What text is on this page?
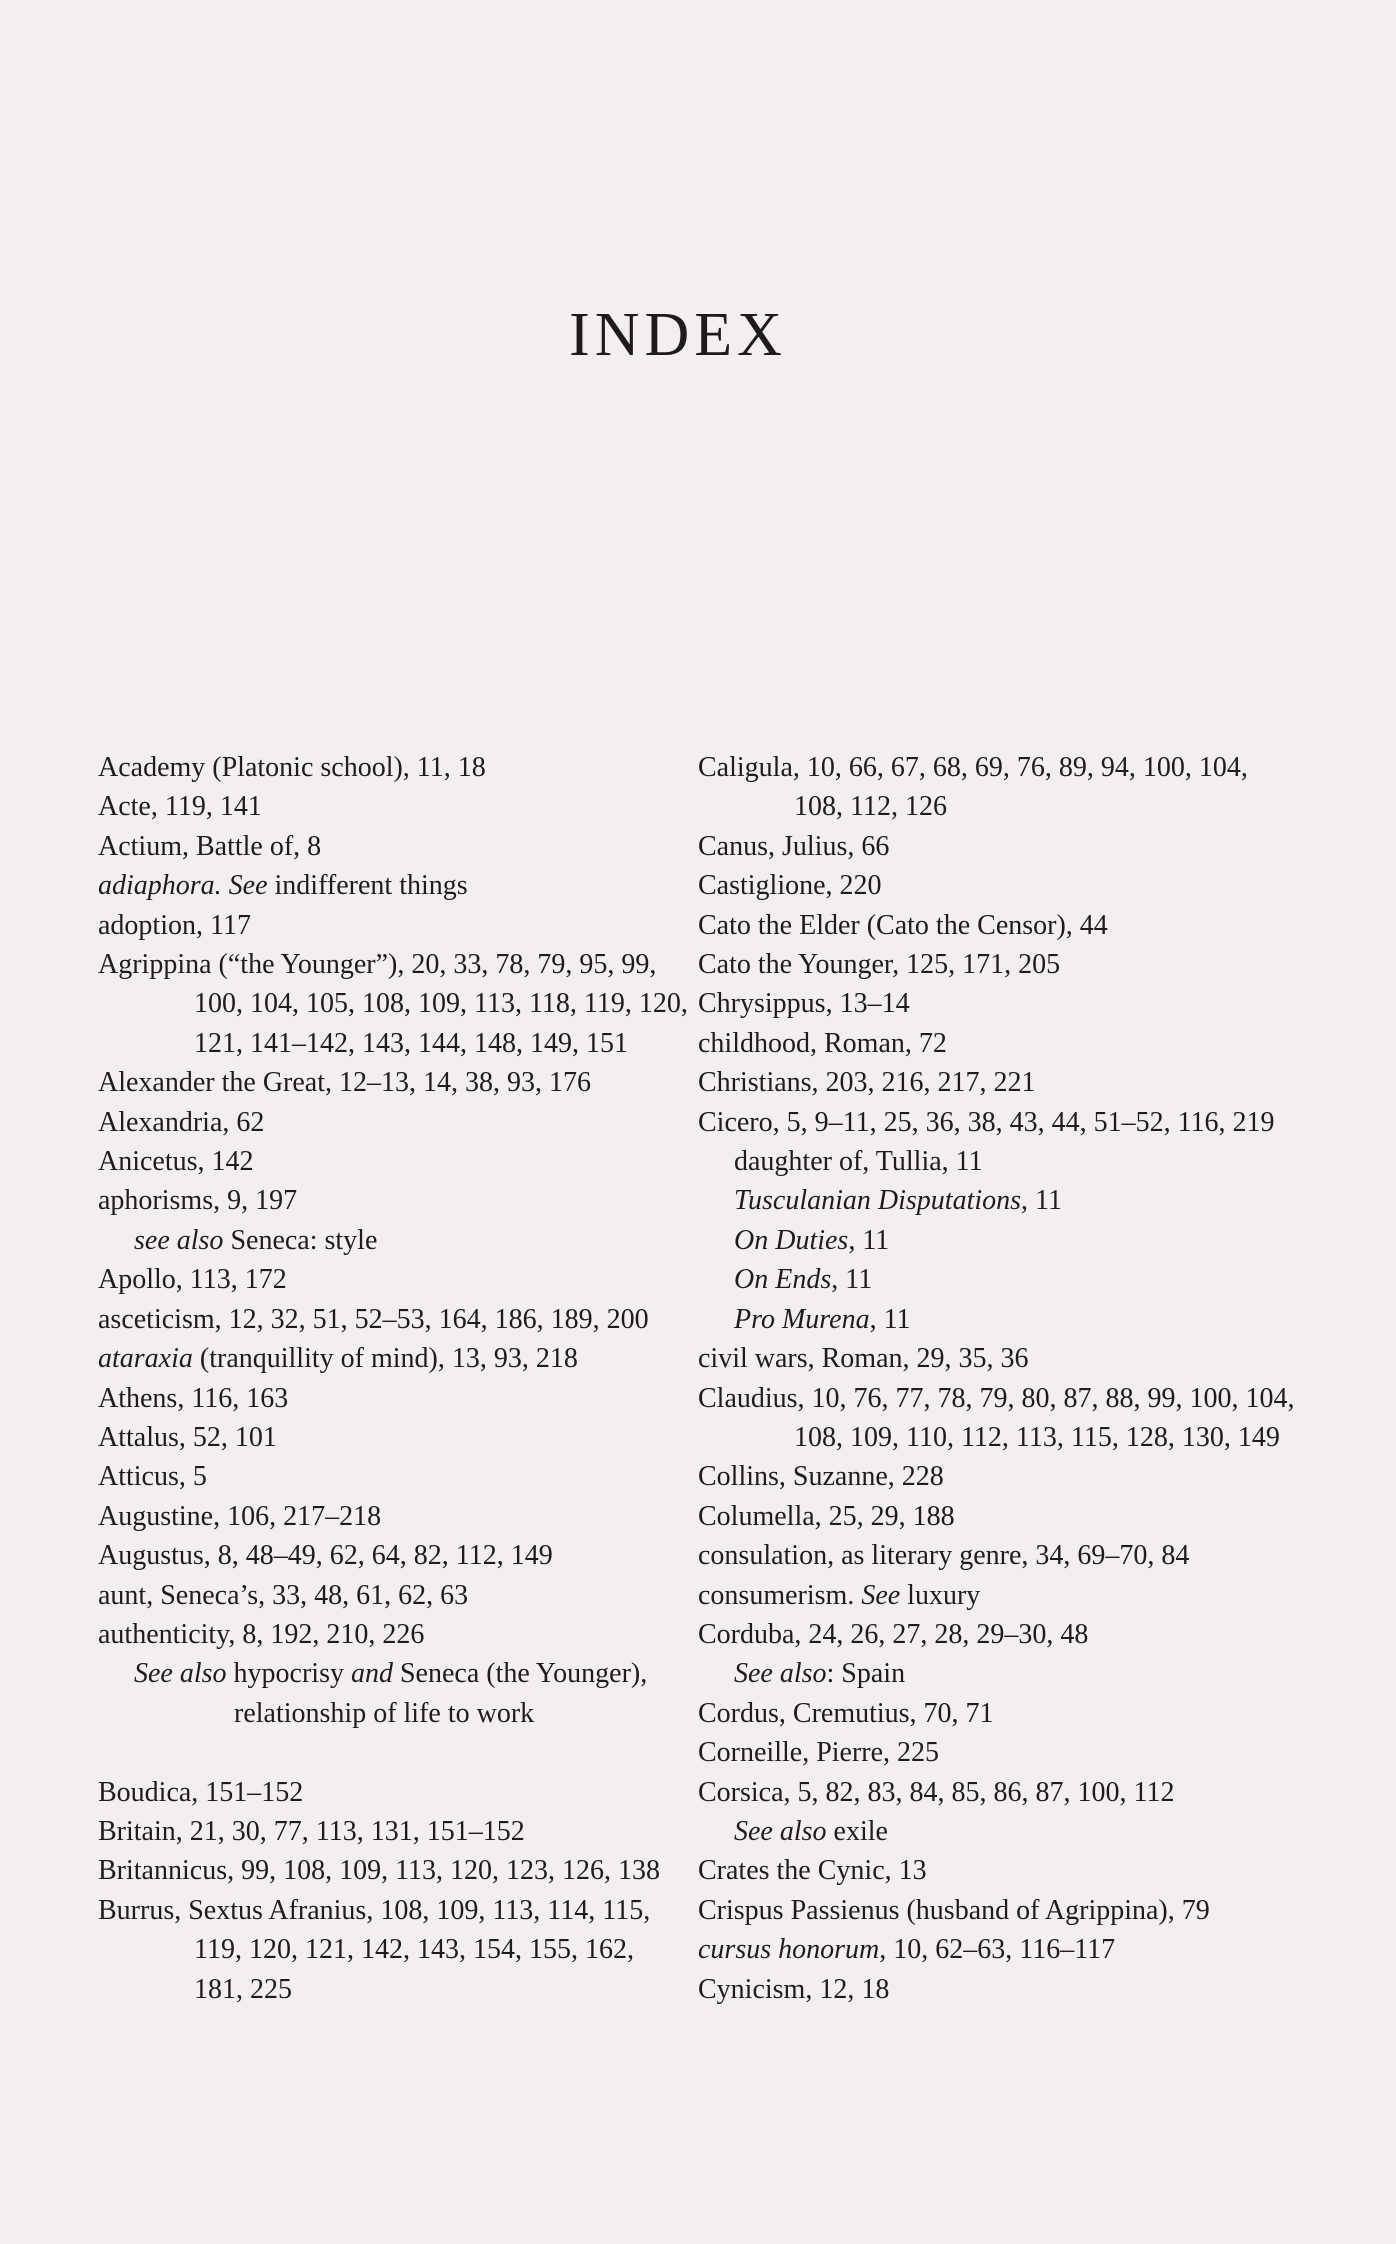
INDEX

Academy (Platonic school), 11, 18

Acte, 119, 141

Actium, Battle of, 8

adiaphora. See indifferent things

adoption, 117

Agrippina (“the Younger”), 20, 33, 78, 79, 95, 99, 100, 104, 105, 108, 109, 113, 118, 119, 120, 121, 141–142, 143, 144, 148, 149, 151

Alexander the Great, 12–13, 14, 38, 93, 176

Alexandria, 62

Anicetus, 142

aphorisms, 9, 197

see also Seneca: style

Apollo, 113, 172

asceticism, 12, 32, 51, 52–53, 164, 186, 189, 200

ataraxia (tranquillity of mind), 13, 93, 218

Athens, 116, 163

Attalus, 52, 101

Atticus, 5

Augustine, 106, 217–218

Augustus, 8, 48–49, 62, 64, 82, 112, 149

aunt, Seneca’s, 33, 48, 61, 62, 63

authenticity, 8, 192, 210, 226

See also hypocrisy and Seneca (the Younger), relationship of life to work

Boudica, 151–152

Britain, 21, 30, 77, 113, 131, 151–152

Britannicus, 99, 108, 109, 113, 120, 123, 126, 138

Burrus, Sextus Afranius, 108, 109, 113, 114, 115, 119, 120, 121, 142, 143, 154, 155, 162, 181, 225

Caligula, 10, 66, 67, 68, 69, 76, 89, 94, 100, 104, 108, 112, 126

Canus, Julius, 66

Castiglione, 220

Cato the Elder (Cato the Censor), 44

Cato the Younger, 125, 171, 205

Chrysippus, 13–14

childhood, Roman, 72

Christians, 203, 216, 217, 221

Cicero, 5, 9–11, 25, 36, 38, 43, 44, 51–52, 116, 219

daughter of, Tullia, 11

Tusculanian Disputations, 11

On Duties, 11

On Ends, 11

Pro Murena, 11

civil wars, Roman, 29, 35, 36

Claudius, 10, 76, 77, 78, 79, 80, 87, 88, 99, 100, 104, 108, 109, 110, 112, 113, 115, 128, 130, 149

Collins, Suzanne, 228

Columella, 25, 29, 188

consulation, as literary genre, 34, 69–70, 84

consumerism. See luxury

Corduba, 24, 26, 27, 28, 29–30, 48

See also: Spain

Cordus, Cremutius, 70, 71

Corneille, Pierre, 225

Corsica, 5, 82, 83, 84, 85, 86, 87, 100, 112

See also exile

Crates the Cynic, 13

Crispus Passienus (husband of Agrippina), 79

cursus honorum, 10, 62–63, 116–117

Cynicism, 12, 18
